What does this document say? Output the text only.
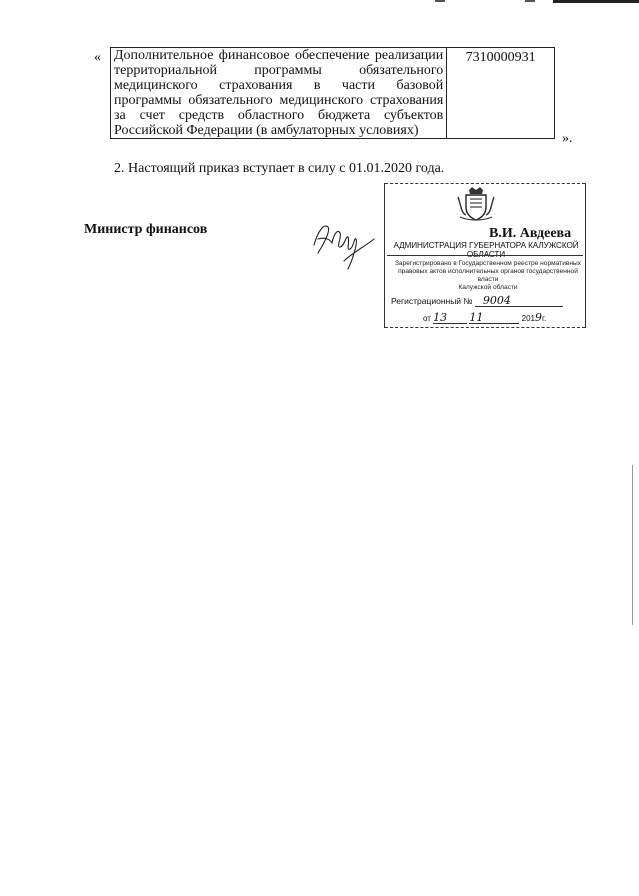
« Дополнительное финансовое обеспечение реализации
территориальной программы обязательного
медицинского страхования в части базовой
программы обязательного медицинского страхования
за счет средств областного бюджета субъектов
Российской Федерации (в амбулаторных условиях)
	7310000931
».
2. Настоящий приказ вступает в силу с 01.01.2020 года.
Министр финансов	В.И. Авдеева
АДМИНИСТРАЦИЯ ГУБЕРНАТОРА КАЛУЖСКОЙ ОБЛАСТИ
Зарегистрировано в Государственном реестре нормативных
правовых актов исполнительных органов государственной власти
Калужской области
Регистрационный № 9004
от 13 11	2019г.
